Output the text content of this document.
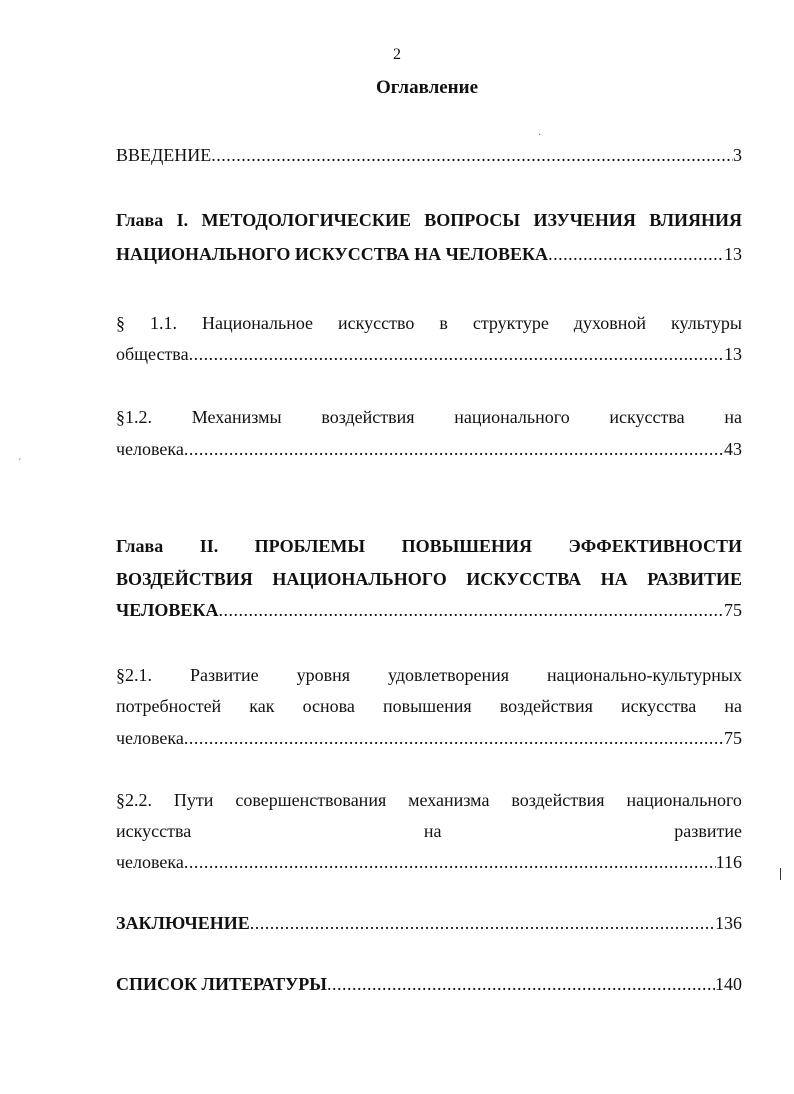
2
Оглавление
ВВЕДЕНИЕ .....	3
Глава I. МЕТОДОЛОГИЧЕСКИЕ ВОПРОСЫ ИЗУЧЕНИЯ ВЛИЯНИЯ
НАЦИОНАЛЬНОГО ИСКУССТВА НА ЧЕЛОВЕКА .....	13
§ 1.1. Национальное искусство в структуре духовной культуры
общества .....	13
§1.2. Механизмы воздействия национального искусства на
человека .....	43
Глава II. ПРОБЛЕМЫ ПОВЫШЕНИЯ ЭФФЕКТИВНОСТИ
ВОЗДЕЙСТВИЯ НАЦИОНАЛЬНОГО ИСКУССТВА НА РАЗВИТИЕ
ЧЕЛОВЕКА .....	75
§2.1. Развитие уровня удовлетворения национально-культурных
потребностей как основа повышения воздействия искусства на
человека .....	75
§2.2. Пути совершенствования механизма воздействия национального
искусства	на	развитие
человека .....	116
ЗАКЛЮЧЕНИЕ .....	136
СПИСОК ЛИТЕРАТУРЫ .....	140
·
ˊ
